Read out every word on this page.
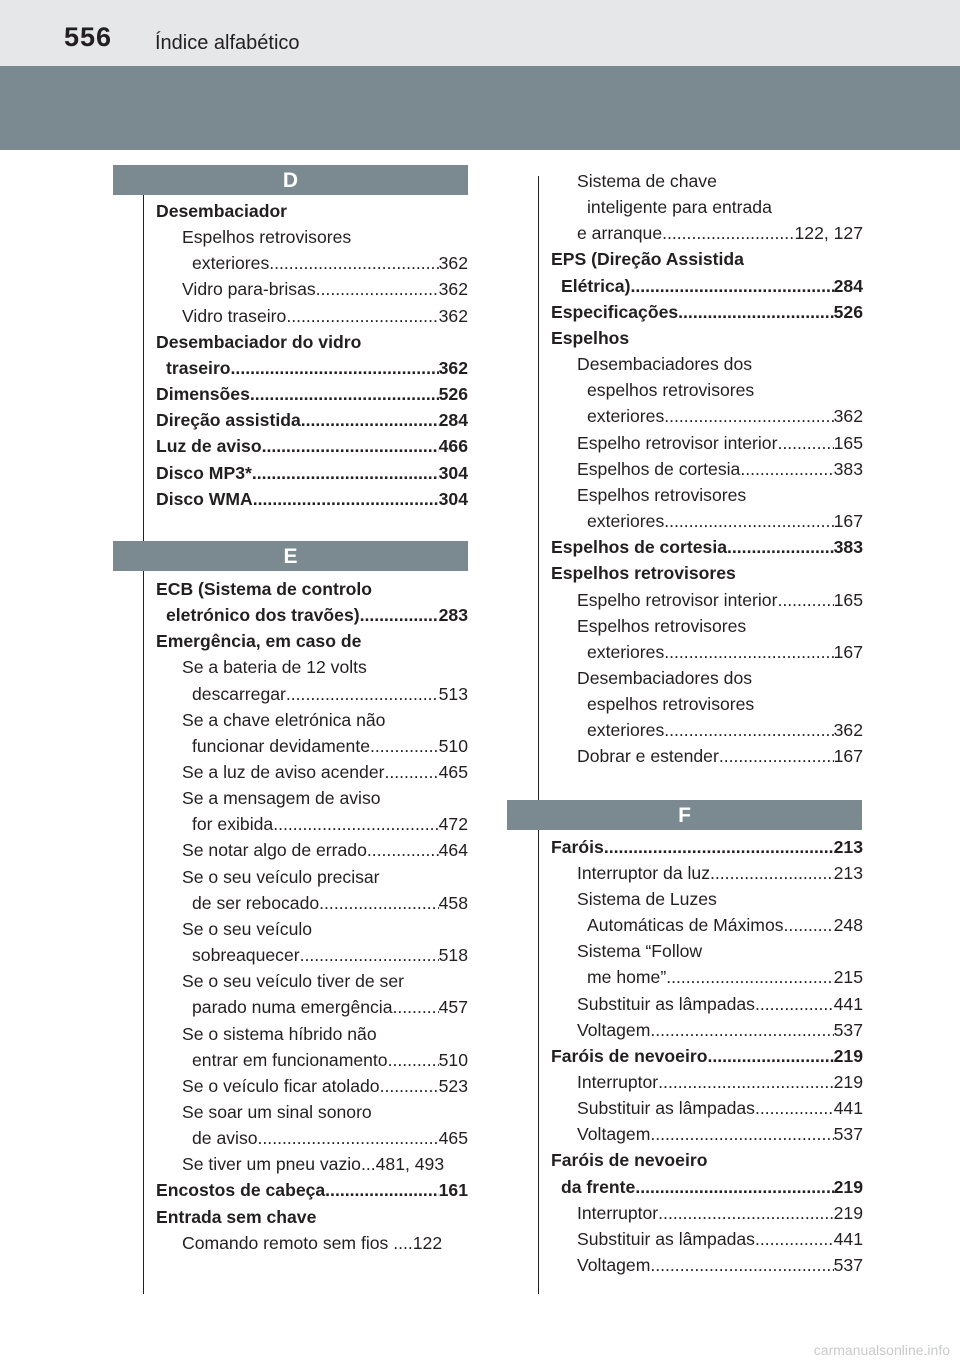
556 Índice alfabético
D
E
F
Desembaciador
Espelhos retrovisores
exteriores .....	362
Vidro para-brisas .....	362
Vidro traseiro .....	362
Desembaciador do vidro
traseiro .....	362
Dimensões .....	526
Direção assistida .....	284
Luz de aviso .....	466
Disco MP3* .....	304
Disco WMA .....	304
ECB (Sistema de controlo
eletrónico dos travões) .....	283
Emergência, em caso de
Se a bateria de 12 volts
descarregar .....	513
Se a chave eletrónica não
funcionar devidamente .....	510
Se a luz de aviso acender .....	465
Se a mensagem de aviso
for exibida .....	472
Se notar algo de errado .....	464
Se o seu veículo precisar
de ser rebocado... .....	458
Se o seu veículo
sobreaquecer .....	518
Se o seu veículo tiver de ser
parado numa emergência .....	457
Se o sistema híbrido não
entrar em funcionamento .....	510
Se o veículo ficar atolado .....	523
Se soar um sinal sonoro
de aviso .....	465
Se tiver um pneu vazio...481, 493
Encostos de cabeça .....	161
Entrada sem chave
Comando remoto sem fios ....122
Sistema de chave
inteligente para entrada
e arranque .....	122, 127
EPS (Direção Assistida
Elétrica) .....	284
Especificações .....	526
Espelhos
Desembaciadores dos
espelhos retrovisores
exteriores .....	362
Espelho retrovisor interior .....	165
Espelhos de cortesia .....	383
Espelhos retrovisores
exteriores .....	167
Espelhos de cortesia .....	383
Espelhos retrovisores
Espelho retrovisor interior .....	165
Espelhos retrovisores
exteriores .....	167
Desembaciadores dos
espelhos retrovisores
exteriores .....	362
Dobrar e estender .....	167
Faróis .....	213
Interruptor da luz .....	213
Sistema de Luzes
Automáticas de Máximos .....	248
Sistema “Follow
me home” .....	215
Substituir as lâmpadas .....	441
Voltagem .....	537
Faróis de nevoeiro .....	219
Interruptor .....	219
Substituir as lâmpadas .....	441
Voltagem .....	537
Faróis de nevoeiro
da frente .....	219
Interruptor .....	219
Substituir as lâmpadas .....	441
Voltagem .....	537
carmanualsonline.info
